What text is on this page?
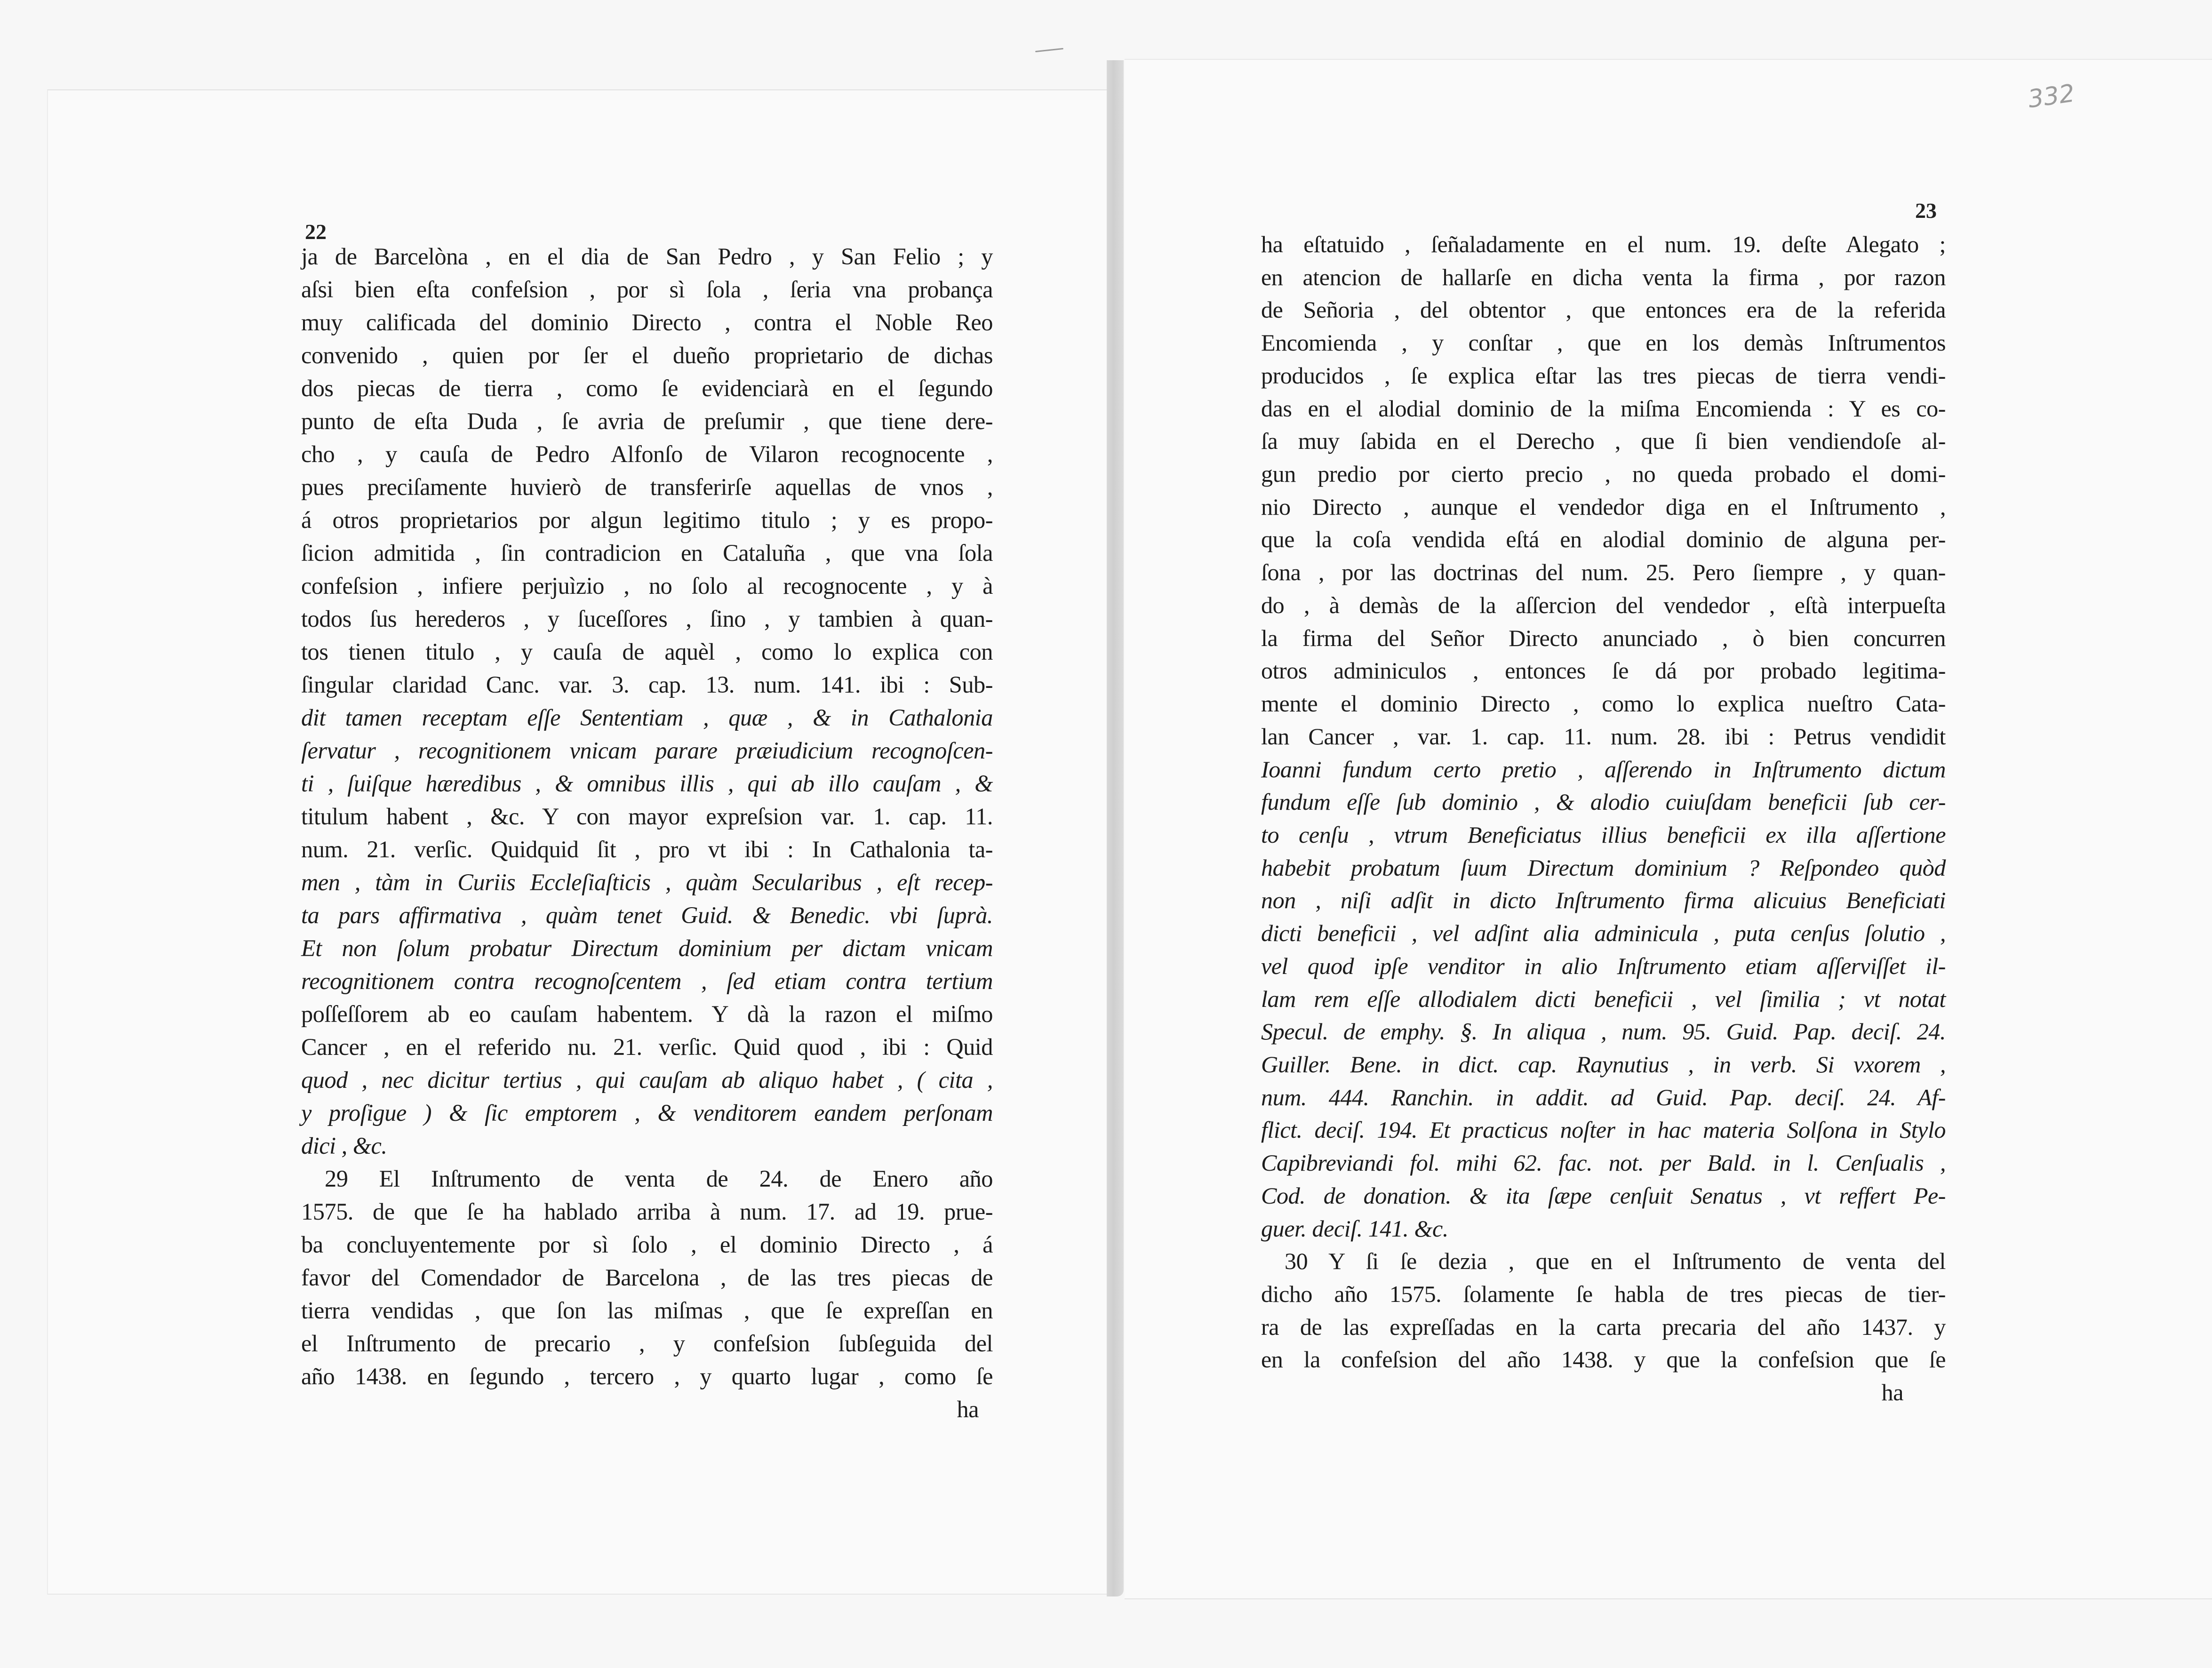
332
22
ja de Barcelòna , en el dia de San Pedro , y San Felio ; y
aſsi bien eſta confeſsion , por sì ſola , ſeria vna probança
muy calificada del dominio Directo , contra el Noble Reo
convenido , quien por ſer el dueño proprietario de dichas
dos piecas de tierra , como ſe evidenciarà en el ſegundo
punto de eſta Duda , ſe avria de preſumir , que tiene dere-
cho , y cauſa de Pedro Alfonſo de Vilaron recognocente ,
pues preciſamente huvierò de transferirſe aquellas de vnos ,
á otros proprietarios por algun legitimo titulo ; y es propo-
ſicion admitida , ſin contradicion en Cataluña , que vna ſola
confeſsion , infiere perjuìzio , no ſolo al recognocente , y à
todos ſus herederos , y ſuceſſores , ſino , y tambien à quan-
tos tienen titulo , y cauſa de aquèl , como lo explica con
ſingular claridad Canc. var. 3. cap. 13. num. 141. ibi : Sub-
dit tamen receptam eſſe Sententiam , quæ , & in Cathalonia
ſervatur , recognitionem vnicam parare præiudicium recognoſcen-
ti , ſuiſque hæredibus , & omnibus illis , qui ab illo cauſam , &
titulum habent , &c. Y con mayor expreſsion var. 1. cap. 11.
num. 21. verſic. Quidquid ſit , pro vt ibi : In Cathalonia ta-
men , tàm in Curiis Eccleſiaſticis , quàm Secularibus , eſt recep-
ta pars affirmativa , quàm tenet Guid. & Benedic. vbi ſuprà.
Et non ſolum probatur Directum dominium per dictam vnicam
recognitionem contra recognoſcentem , ſed etiam contra tertium
poſſeſſorem ab eo cauſam habentem. Y dà la razon el miſmo
Cancer , en el referido nu. 21. verſic. Quid quod , ibi : Quid
quod , nec dicitur tertius , qui cauſam ab aliquo habet , ( cita ,
y proſigue ) & ſic emptorem , & venditorem eandem perſonam
dici , &c.
29 El Inſtrumento de venta de 24. de Enero año
1575. de que ſe ha hablado arriba à num. 17. ad 19. prue-
ba concluyentemente por sì ſolo , el dominio Directo , á
favor del Comendador de Barcelona , de las tres piecas de
tierra vendidas , que ſon las miſmas , que ſe expreſſan en
el Inſtrumento de precario , y confeſsion ſubſeguida del
año 1438. en ſegundo , tercero , y quarto lugar , como ſe
ha
23
ha eſtatuido , ſeñaladamente en el num. 19. deſte Alegato ;
en atencion de hallarſe en dicha venta la firma , por razon
de Señoria , del obtentor , que entonces era de la referida
Encomienda , y conſtar , que en los demàs Inſtrumentos
producidos , ſe explica eſtar las tres piecas de tierra vendi-
das en el alodial dominio de la miſma Encomienda : Y es co-
ſa muy ſabida en el Derecho , que ſi bien vendiendoſe al-
gun predio por cierto precio , no queda probado el domi-
nio Directo , aunque el vendedor diga en el Inſtrumento ,
que la coſa vendida eſtá en alodial dominio de alguna per-
ſona , por las doctrinas del num. 25. Pero ſiempre , y quan-
do , à demàs de la aſſercion del vendedor , eſtà interpueſta
la firma del Señor Directo anunciado , ò bien concurren
otros adminiculos , entonces ſe dá por probado legitima-
mente el dominio Directo , como lo explica nueſtro Cata-
lan Cancer , var. 1. cap. 11. num. 28. ibi : Petrus vendidit
Ioanni fundum certo pretio , aſſerendo in Inſtrumento dictum
fundum eſſe ſub dominio , & alodio cuiuſdam beneficii ſub cer-
to cenſu , vtrum Beneficiatus illius beneficii ex illa aſſertione
habebit probatum ſuum Directum dominium ? Reſpondeo quòd
non , niſi adſit in dicto Inſtrumento firma alicuius Beneficiati
dicti beneficii , vel adſint alia adminicula , puta cenſus ſolutio ,
vel quod ipſe venditor in alio Inſtrumento etiam aſſerviſſet il-
lam rem eſſe allodialem dicti beneficii , vel ſimilia ; vt notat
Specul. de emphy. §. In aliqua , num. 95. Guid. Pap. deciſ. 24.
Guiller. Bene. in dict. cap. Raynutius , in verb. Si vxorem ,
num. 444. Ranchin. in addit. ad Guid. Pap. deciſ. 24. Af-
flict. deciſ. 194. Et practicus noſter in hac materia Solſona in Stylo
Capibreviandi fol. mihi 62. fac. not. per Bald. in l. Cenſualis ,
Cod. de donation. & ita ſæpe cenſuit Senatus , vt reffert Pe-
guer. deciſ. 141. &c.
30 Y ſi ſe dezia , que en el Inſtrumento de venta del
dicho año 1575. ſolamente ſe habla de tres piecas de tier-
ra de las expreſſadas en la carta precaria del año 1437. y
en la confeſsion del año 1438. y que la confeſsion que ſe
ha
